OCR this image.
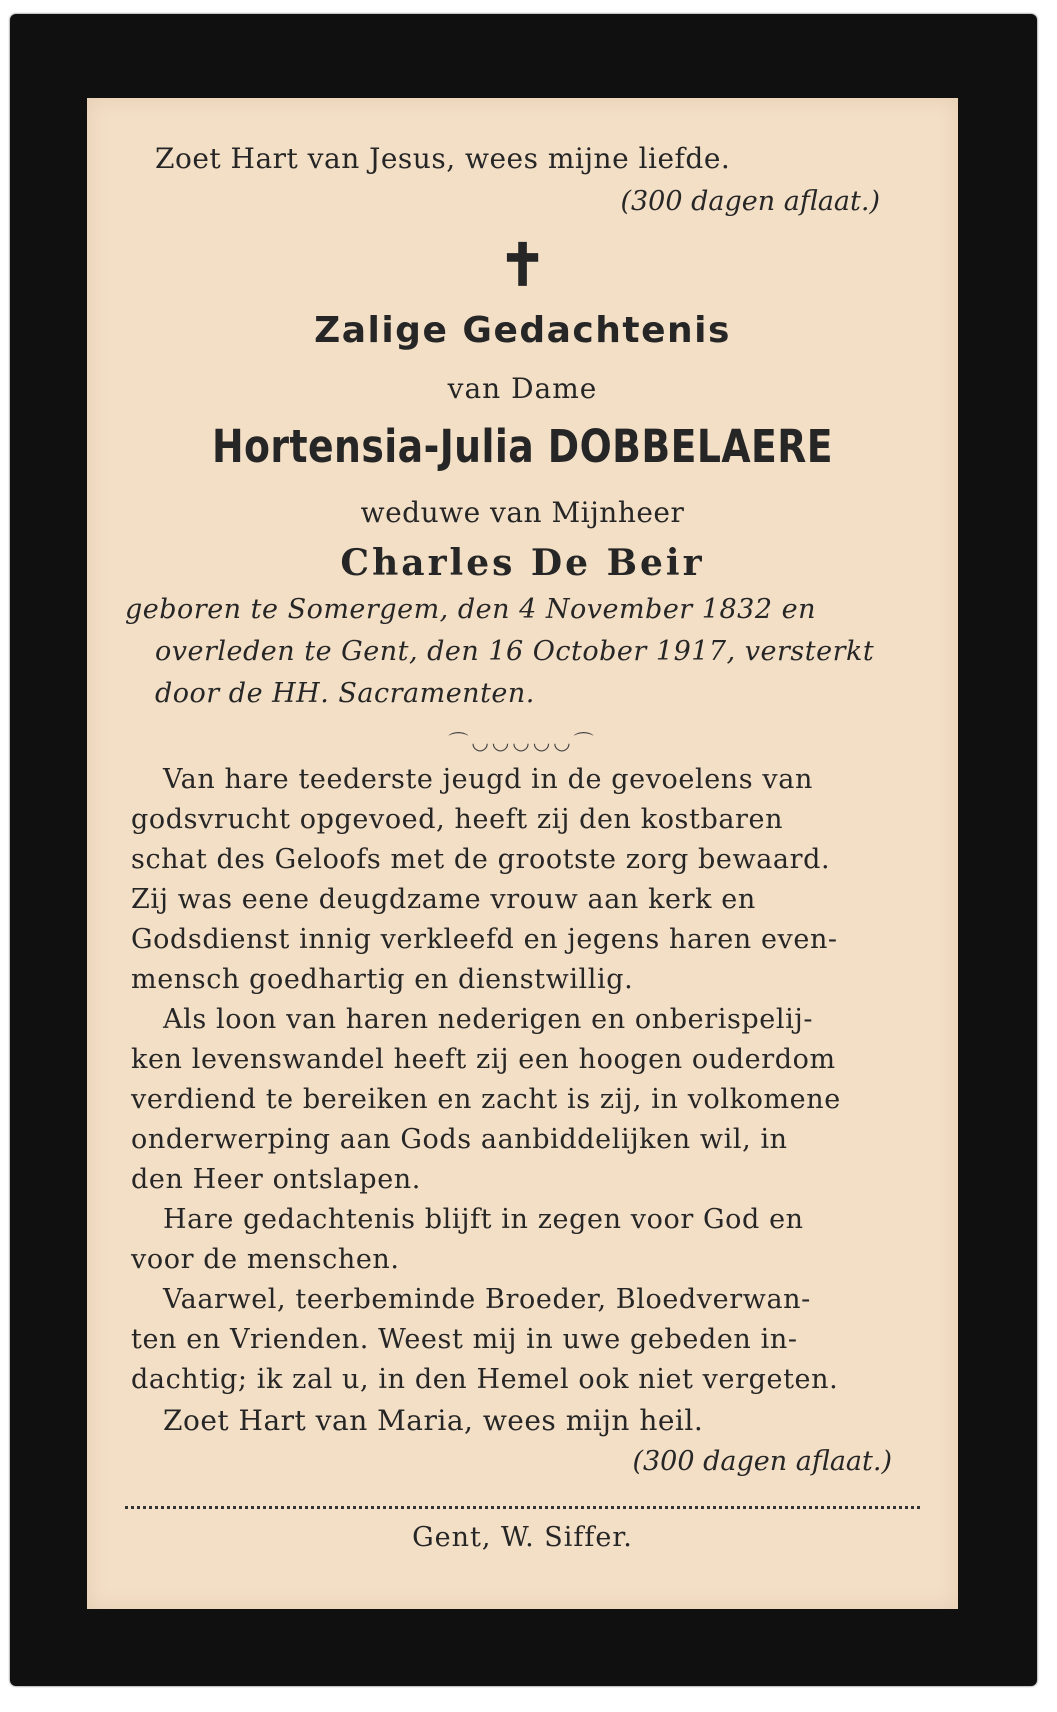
Zoet Hart van Jesus, wees mijne liefde.
(300 dagen aflaat.)
✝
Zalige Gedachtenis
van Dame
Hortensia-Julia DOBBELAERE
weduwe van Mijnheer
Charles De Beir
geboren te Somergem, den 4 November 1832 en
overleden te Gent, den 16 October 1917, versterkt
door de HH. Sacramenten.
⌒◡◡◡◡◡⌒
Van hare teederste jeugd in de gevoelens van
godsvrucht opgevoed, heeft zij den kostbaren
schat des Geloofs met de grootste zorg bewaard.
Zij was eene deugdzame vrouw aan kerk en
Godsdienst innig verkleefd en jegens haren even-
mensch goedhartig en dienstwillig.
Als loon van haren nederigen en onberispelij-
ken levenswandel heeft zij een hoogen ouderdom
verdiend te bereiken en zacht is zij, in volkomene
onderwerping aan Gods aanbiddelijken wil, in
den Heer ontslapen.
Hare gedachtenis blijft in zegen voor God en
voor de menschen.
Vaarwel, teerbeminde Broeder, Bloedverwan-
ten en Vrienden. Weest mij in uwe gebeden in-
dachtig; ik zal u, in den Hemel ook niet vergeten.
Zoet Hart van Maria, wees mijn heil.
(300 dagen aflaat.)
Gent, W. Siffer.
